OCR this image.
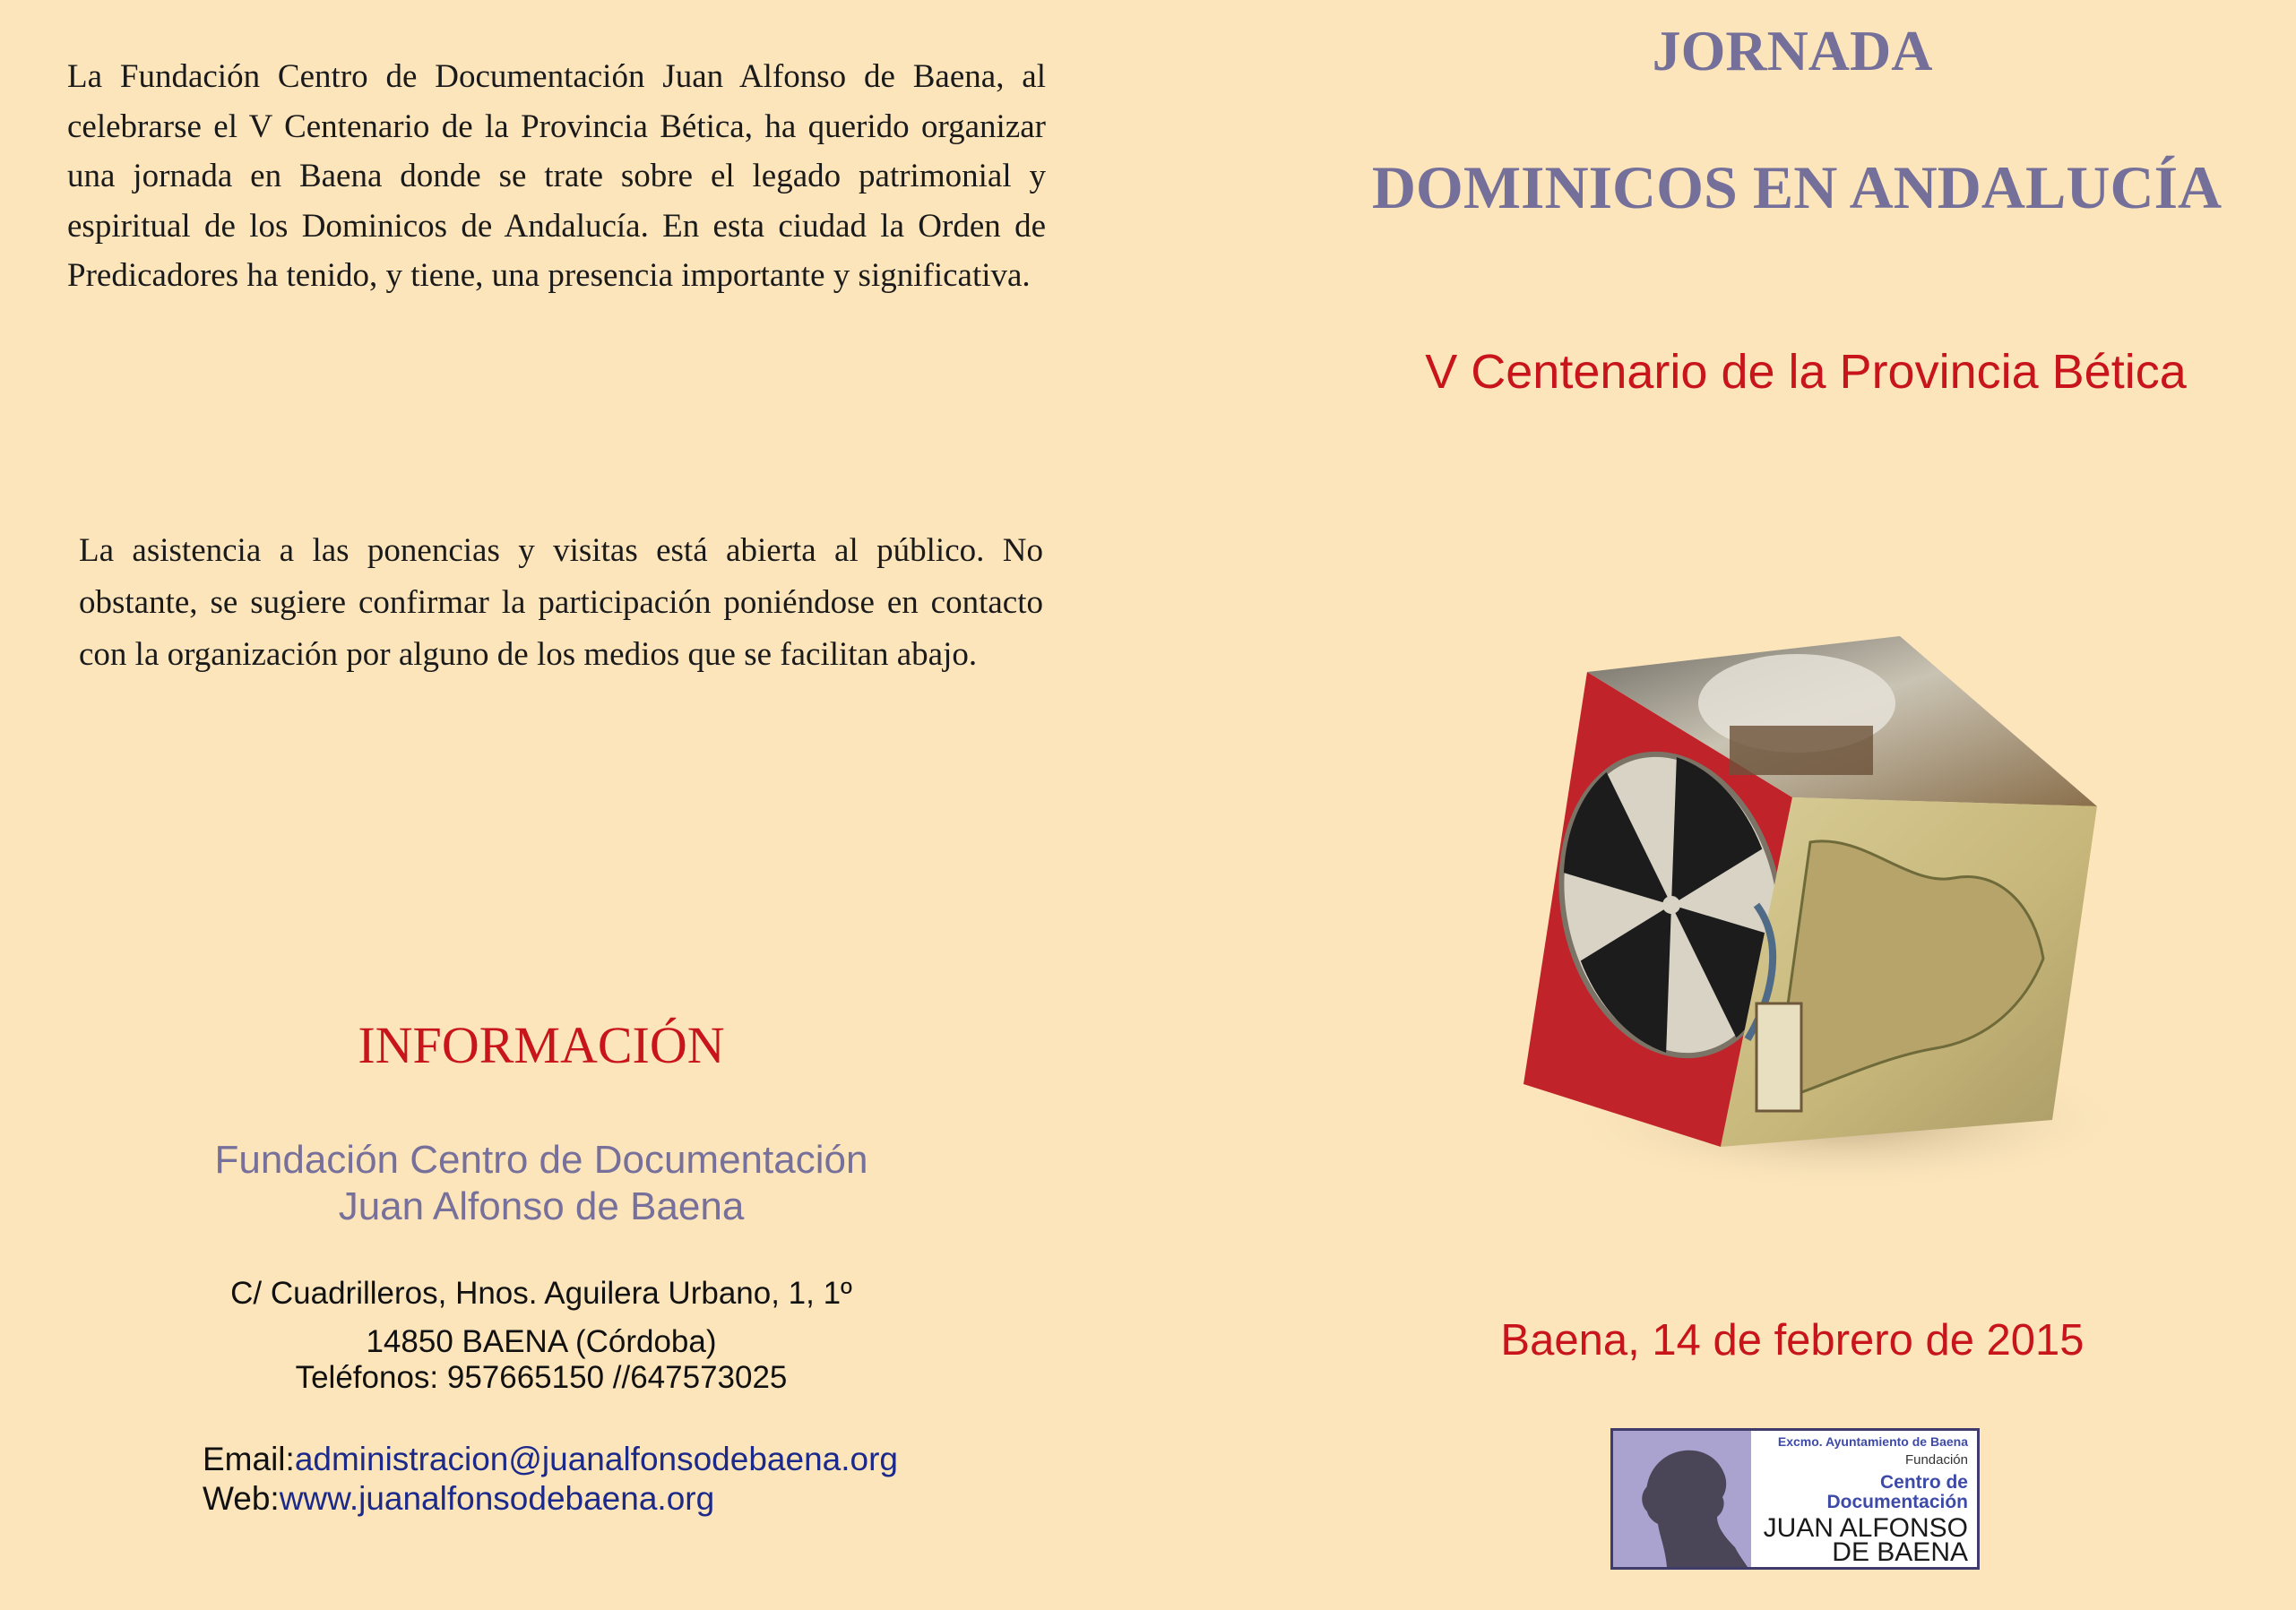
La Fundación Centro de Documentación Juan Alfonso de Baena, al celebrarse el V Centenario de la Provincia Bética, ha querido organizar una jornada en Baena donde se trate sobre el legado patrimonial y espiritual de los Dominicos de Andalucía. En esta ciudad la Orden de Predicadores ha tenido, y tiene, una presencia importante y significativa.
La asistencia a las ponencias y visitas está abierta al público. No obstante, se sugiere confirmar la participación poniéndose en contacto con la organización por alguno de los medios que se facilitan abajo.
INFORMACIÓN
Fundación Centro de Documentación
Juan Alfonso de Baena
C/ Cuadrilleros, Hnos. Aguilera Urbano, 1, 1º
14850 BAENA (Córdoba)
Teléfonos: 957665150 //647573025
Email:administracion@juanalfonsodebaena.org
Web:www.juanalfonsodebaena.org
JORNADA
DOMINICOS EN ANDALUCÍA
V Centenario de la Provincia Bética
Baena, 14 de febrero de 2015
Excmo. Ayuntamiento de Baena
Fundación
Centro de
Documentación
JUAN ALFONSO
DE BAENA
